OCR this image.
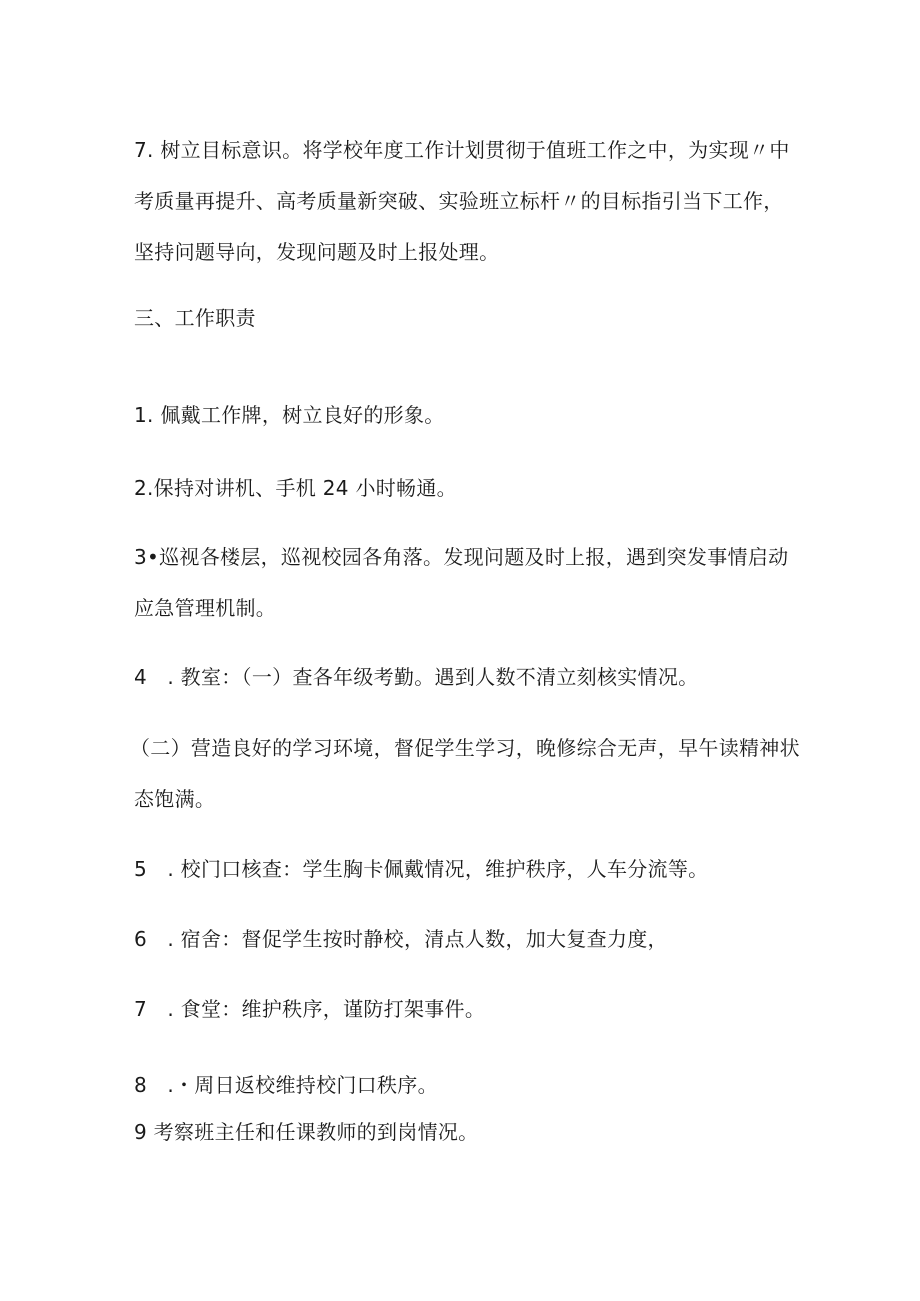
7. 树立目标意识。将学校年度工作计划贯彻于值班工作之中，为实现〃中
考质量再提升、高考质量新突破、实验班立标杆〃的目标指引当下工作，
坚持问题导向，发现问题及时上报处理。
三、工作职责
1. 佩戴工作牌，树立良好的形象。
2.保持对讲机、手机 24 小时畅通。
3•巡视各楼层，巡视校园各角落。发现问题及时上报，遇到突发事情启动
应急管理机制。
4　. 教室：（一）查各年级考勤。遇到人数不清立刻核实情况。
（二）营造良好的学习环境，督促学生学习，晚修综合无声，早午读精神状
态饱满。
5　. 校门口核查：学生胸卡佩戴情况，维护秩序，人车分流等。
6　. 宿舍：督促学生按时静校，清点人数，加大复查力度，
7　. 食堂：维护秩序，谨防打架事件。
8　.・周日返校维持校门口秩序。
9 考察班主任和任课教师的到岗情况。
